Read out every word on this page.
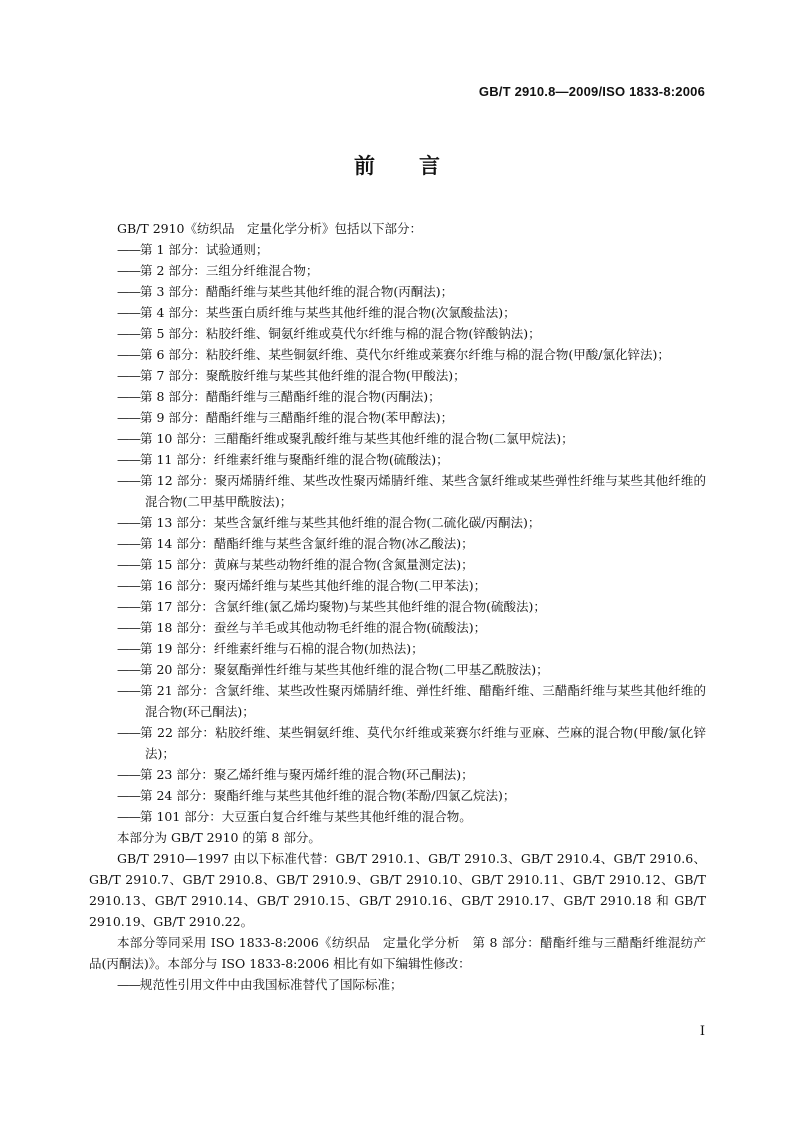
GB/T 2910.8—2009/ISO 1833-8:2006
前言

GB/T 2910《纺织品　定量化学分析》包括以下部分：

—— 第 1 部分：试验通则；

—— 第 2 部分：三组分纤维混合物；

—— 第 3 部分：醋酯纤维与某些其他纤维的混合物(丙酮法)；

—— 第 4 部分：某些蛋白质纤维与某些其他纤维的混合物(次氯酸盐法)；

—— 第 5 部分：粘胶纤维、铜氨纤维或莫代尔纤维与棉的混合物(锌酸钠法)；

—— 第 6 部分：粘胶纤维、某些铜氨纤维、莫代尔纤维或莱赛尔纤维与棉的混合物(甲酸/氯化锌法)；

—— 第 7 部分：聚酰胺纤维与某些其他纤维的混合物(甲酸法)；

—— 第 8 部分：醋酯纤维与三醋酯纤维的混合物(丙酮法)；

—— 第 9 部分：醋酯纤维与三醋酯纤维的混合物(苯甲醇法)；

—— 第 10 部分：三醋酯纤维或聚乳酸纤维与某些其他纤维的混合物(二氯甲烷法)；

—— 第 11 部分：纤维素纤维与聚酯纤维的混合物(硫酸法)；

—— 第 12 部分：聚丙烯腈纤维、某些改性聚丙烯腈纤维、某些含氯纤维或某些弹性纤维与某些其他纤维的混合物(二甲基甲酰胺法)；

—— 第 13 部分：某些含氯纤维与某些其他纤维的混合物(二硫化碳/丙酮法)；

—— 第 14 部分：醋酯纤维与某些含氯纤维的混合物(冰乙酸法)；

—— 第 15 部分：黄麻与某些动物纤维的混合物(含氮量测定法)；

—— 第 16 部分：聚丙烯纤维与某些其他纤维的混合物(二甲苯法)；

—— 第 17 部分：含氯纤维(氯乙烯均聚物)与某些其他纤维的混合物(硫酸法)；

—— 第 18 部分：蚕丝与羊毛或其他动物毛纤维的混合物(硫酸法)；

—— 第 19 部分：纤维素纤维与石棉的混合物(加热法)；

—— 第 20 部分：聚氨酯弹性纤维与某些其他纤维的混合物(二甲基乙酰胺法)；

—— 第 21 部分：含氯纤维、某些改性聚丙烯腈纤维、弹性纤维、醋酯纤维、三醋酯纤维与某些其他纤维的混合物(环己酮法)；

—— 第 22 部分：粘胶纤维、某些铜氨纤维、莫代尔纤维或莱赛尔纤维与亚麻、苎麻的混合物(甲酸/氯化锌法)；

—— 第 23 部分：聚乙烯纤维与聚丙烯纤维的混合物(环己酮法)；

—— 第 24 部分：聚酯纤维与某些其他纤维的混合物(苯酚/四氯乙烷法)；

—— 第 101 部分：大豆蛋白复合纤维与某些其他纤维的混合物。

本部分为 GB/T 2910 的第 8 部分。

GB/T 2910—1997 由以下标准代替：GB/T 2910.1、GB/T 2910.3、GB/T 2910.4、GB/T 2910.6、GB/T 2910.7、GB/T 2910.8、GB/T 2910.9、GB/T 2910.10、GB/T 2910.11、GB/T 2910.12、GB/T 2910.13、GB/T 2910.14、GB/T 2910.15、GB/T 2910.16、GB/T 2910.17、GB/T 2910.18 和 GB/T 2910.19、GB/T 2910.22。

本部分等同采用 ISO 1833-8:2006《纺织品　定量化学分析　第 8 部分：醋酯纤维与三醋酯纤维混纺产品(丙酮法)》。本部分与 ISO 1833-8:2006 相比有如下编辑性修改：

—— 规范性引用文件中由我国标准替代了国际标准；

I
